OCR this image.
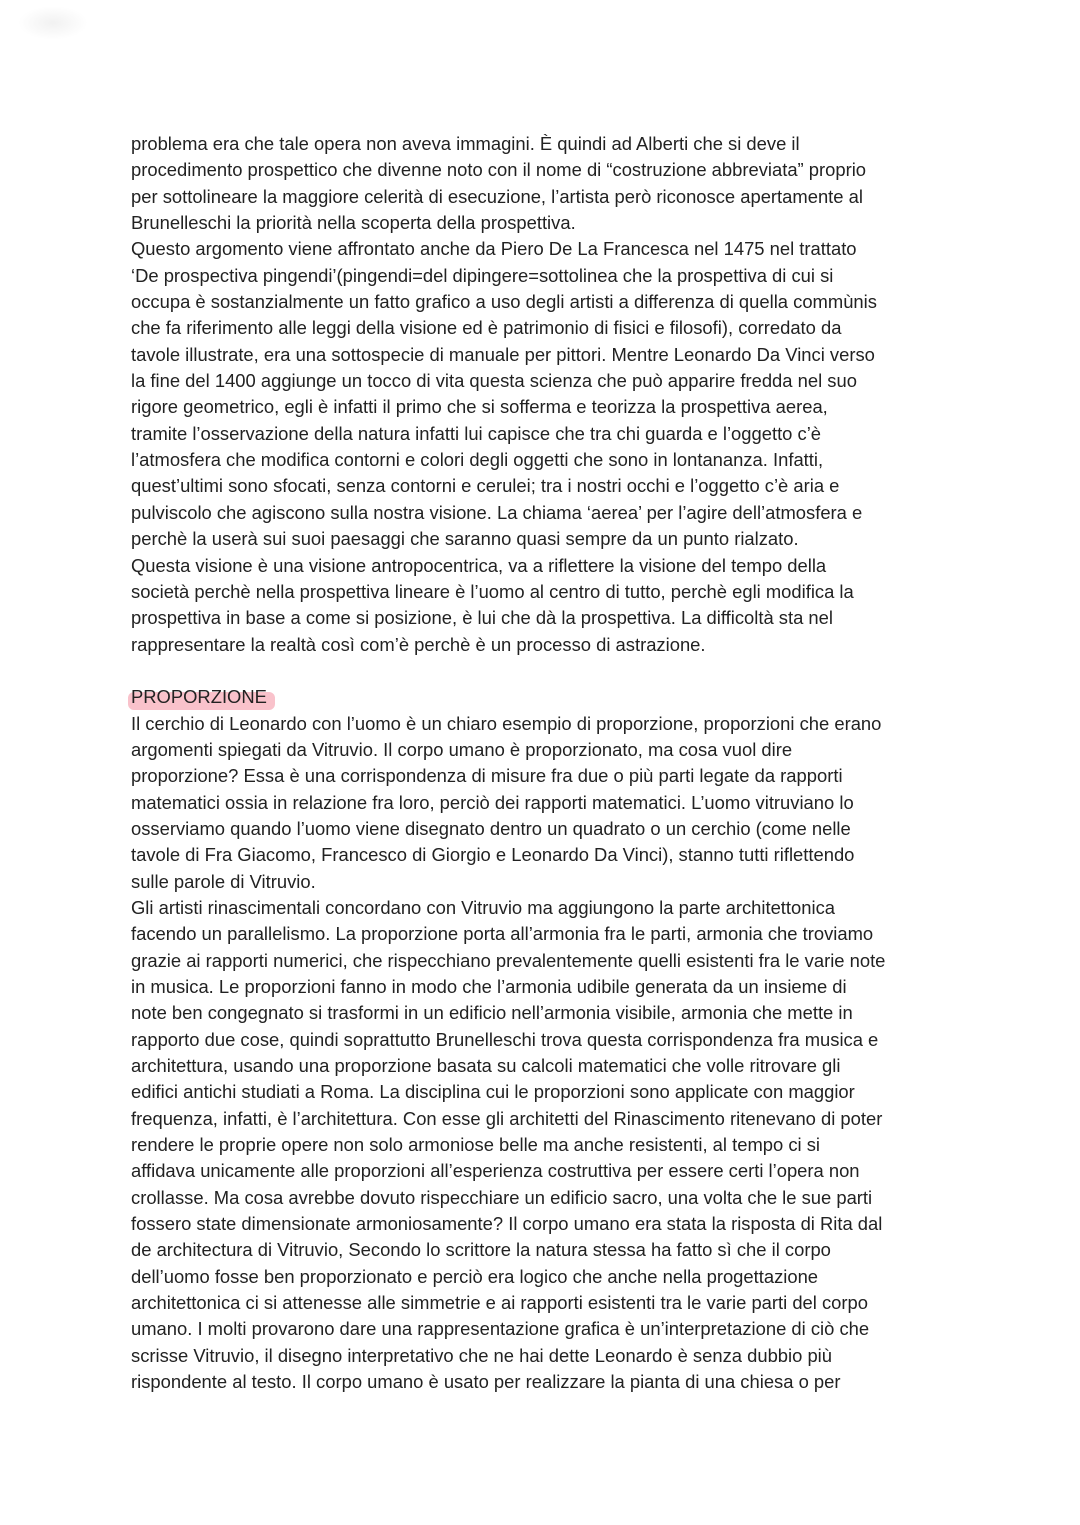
problema era che tale opera non aveva immagini. È quindi ad Alberti che si deve il
procedimento prospettico che divenne noto con il nome di “costruzione abbreviata” proprio
per sottolineare la maggiore celerità di esecuzione, l’artista però riconosce apertamente al
Brunelleschi la priorità nella scoperta della prospettiva.
Questo argomento viene affrontato anche da Piero De La Francesca nel 1475 nel trattato
‘De prospectiva pingendi’(pingendi=del dipingere=sottolinea che la prospettiva di cui si
occupa è sostanzialmente un fatto grafico a uso degli artisti a differenza di quella commùnis
che fa riferimento alle leggi della visione ed è patrimonio di fisici e filosofi), corredato da
tavole illustrate, era una sottospecie di manuale per pittori. Mentre Leonardo Da Vinci verso
la fine del 1400 aggiunge un tocco di vita questa scienza che può apparire fredda nel suo
rigore geometrico, egli è infatti il primo che si sofferma e teorizza la prospettiva aerea,
tramite l’osservazione della natura infatti lui capisce che tra chi guarda e l’oggetto c’è
l’atmosfera che modifica contorni e colori degli oggetti che sono in lontananza. Infatti,
quest’ultimi sono sfocati, senza contorni e cerulei; tra i nostri occhi e l’oggetto c’è aria e
pulviscolo che agiscono sulla nostra visione. La chiama ‘aerea’ per l’agire dell’atmosfera e
perchè la userà sui suoi paesaggi che saranno quasi sempre da un punto rialzato.
Questa visione è una visione antropocentrica, va a riflettere la visione del tempo della
società perchè nella prospettiva lineare è l’uomo al centro di tutto, perchè egli modifica la
prospettiva in base a come si posizione, è lui che dà la prospettiva. La difficoltà sta nel
rappresentare la realtà così com’è perchè è un processo di astrazione.
PROPORZIONE
Il cerchio di Leonardo con l’uomo è un chiaro esempio di proporzione, proporzioni che erano
argomenti spiegati da Vitruvio. Il corpo umano è proporzionato, ma cosa vuol dire
proporzione? Essa è una corrispondenza di misure fra due o più parti legate da rapporti
matematici ossia in relazione fra loro, perciò dei rapporti matematici. L’uomo vitruviano lo
osserviamo quando l’uomo viene disegnato dentro un quadrato o un cerchio (come nelle
tavole di Fra Giacomo, Francesco di Giorgio e Leonardo Da Vinci), stanno tutti riflettendo
sulle parole di Vitruvio.
Gli artisti rinascimentali concordano con Vitruvio ma aggiungono la parte architettonica
facendo un parallelismo. La proporzione porta all’armonia fra le parti, armonia che troviamo
grazie ai rapporti numerici, che rispecchiano prevalentemente quelli esistenti fra le varie note
in musica. Le proporzioni fanno in modo che l’armonia udibile generata da un insieme di
note ben congegnato si trasformi in un edificio nell’armonia visibile, armonia che mette in
rapporto due cose, quindi soprattutto Brunelleschi trova questa corrispondenza fra musica e
architettura, usando una proporzione basata su calcoli matematici che volle ritrovare gli
edifici antichi studiati a Roma. La disciplina cui le proporzioni sono applicate con maggior
frequenza, infatti, è l’architettura. Con esse gli architetti del Rinascimento ritenevano di poter
rendere le proprie opere non solo armoniose belle ma anche resistenti, al tempo ci si
affidava unicamente alle proporzioni all’esperienza costruttiva per essere certi l’opera non
crollasse. Ma cosa avrebbe dovuto rispecchiare un edificio sacro, una volta che le sue parti
fossero state dimensionate armoniosamente? Il corpo umano era stata la risposta di Rita dal
de architectura di Vitruvio, Secondo lo scrittore la natura stessa ha fatto sì che il corpo
dell’uomo fosse ben proporzionato e perciò era logico che anche nella progettazione
architettonica ci si attenesse alle simmetrie e ai rapporti esistenti tra le varie parti del corpo
umano. I molti provarono dare una rappresentazione grafica è un’interpretazione di ciò che
scrisse Vitruvio, il disegno interpretativo che ne hai dette Leonardo è senza dubbio più
rispondente al testo. Il corpo umano è usato per realizzare la pianta di una chiesa o per
